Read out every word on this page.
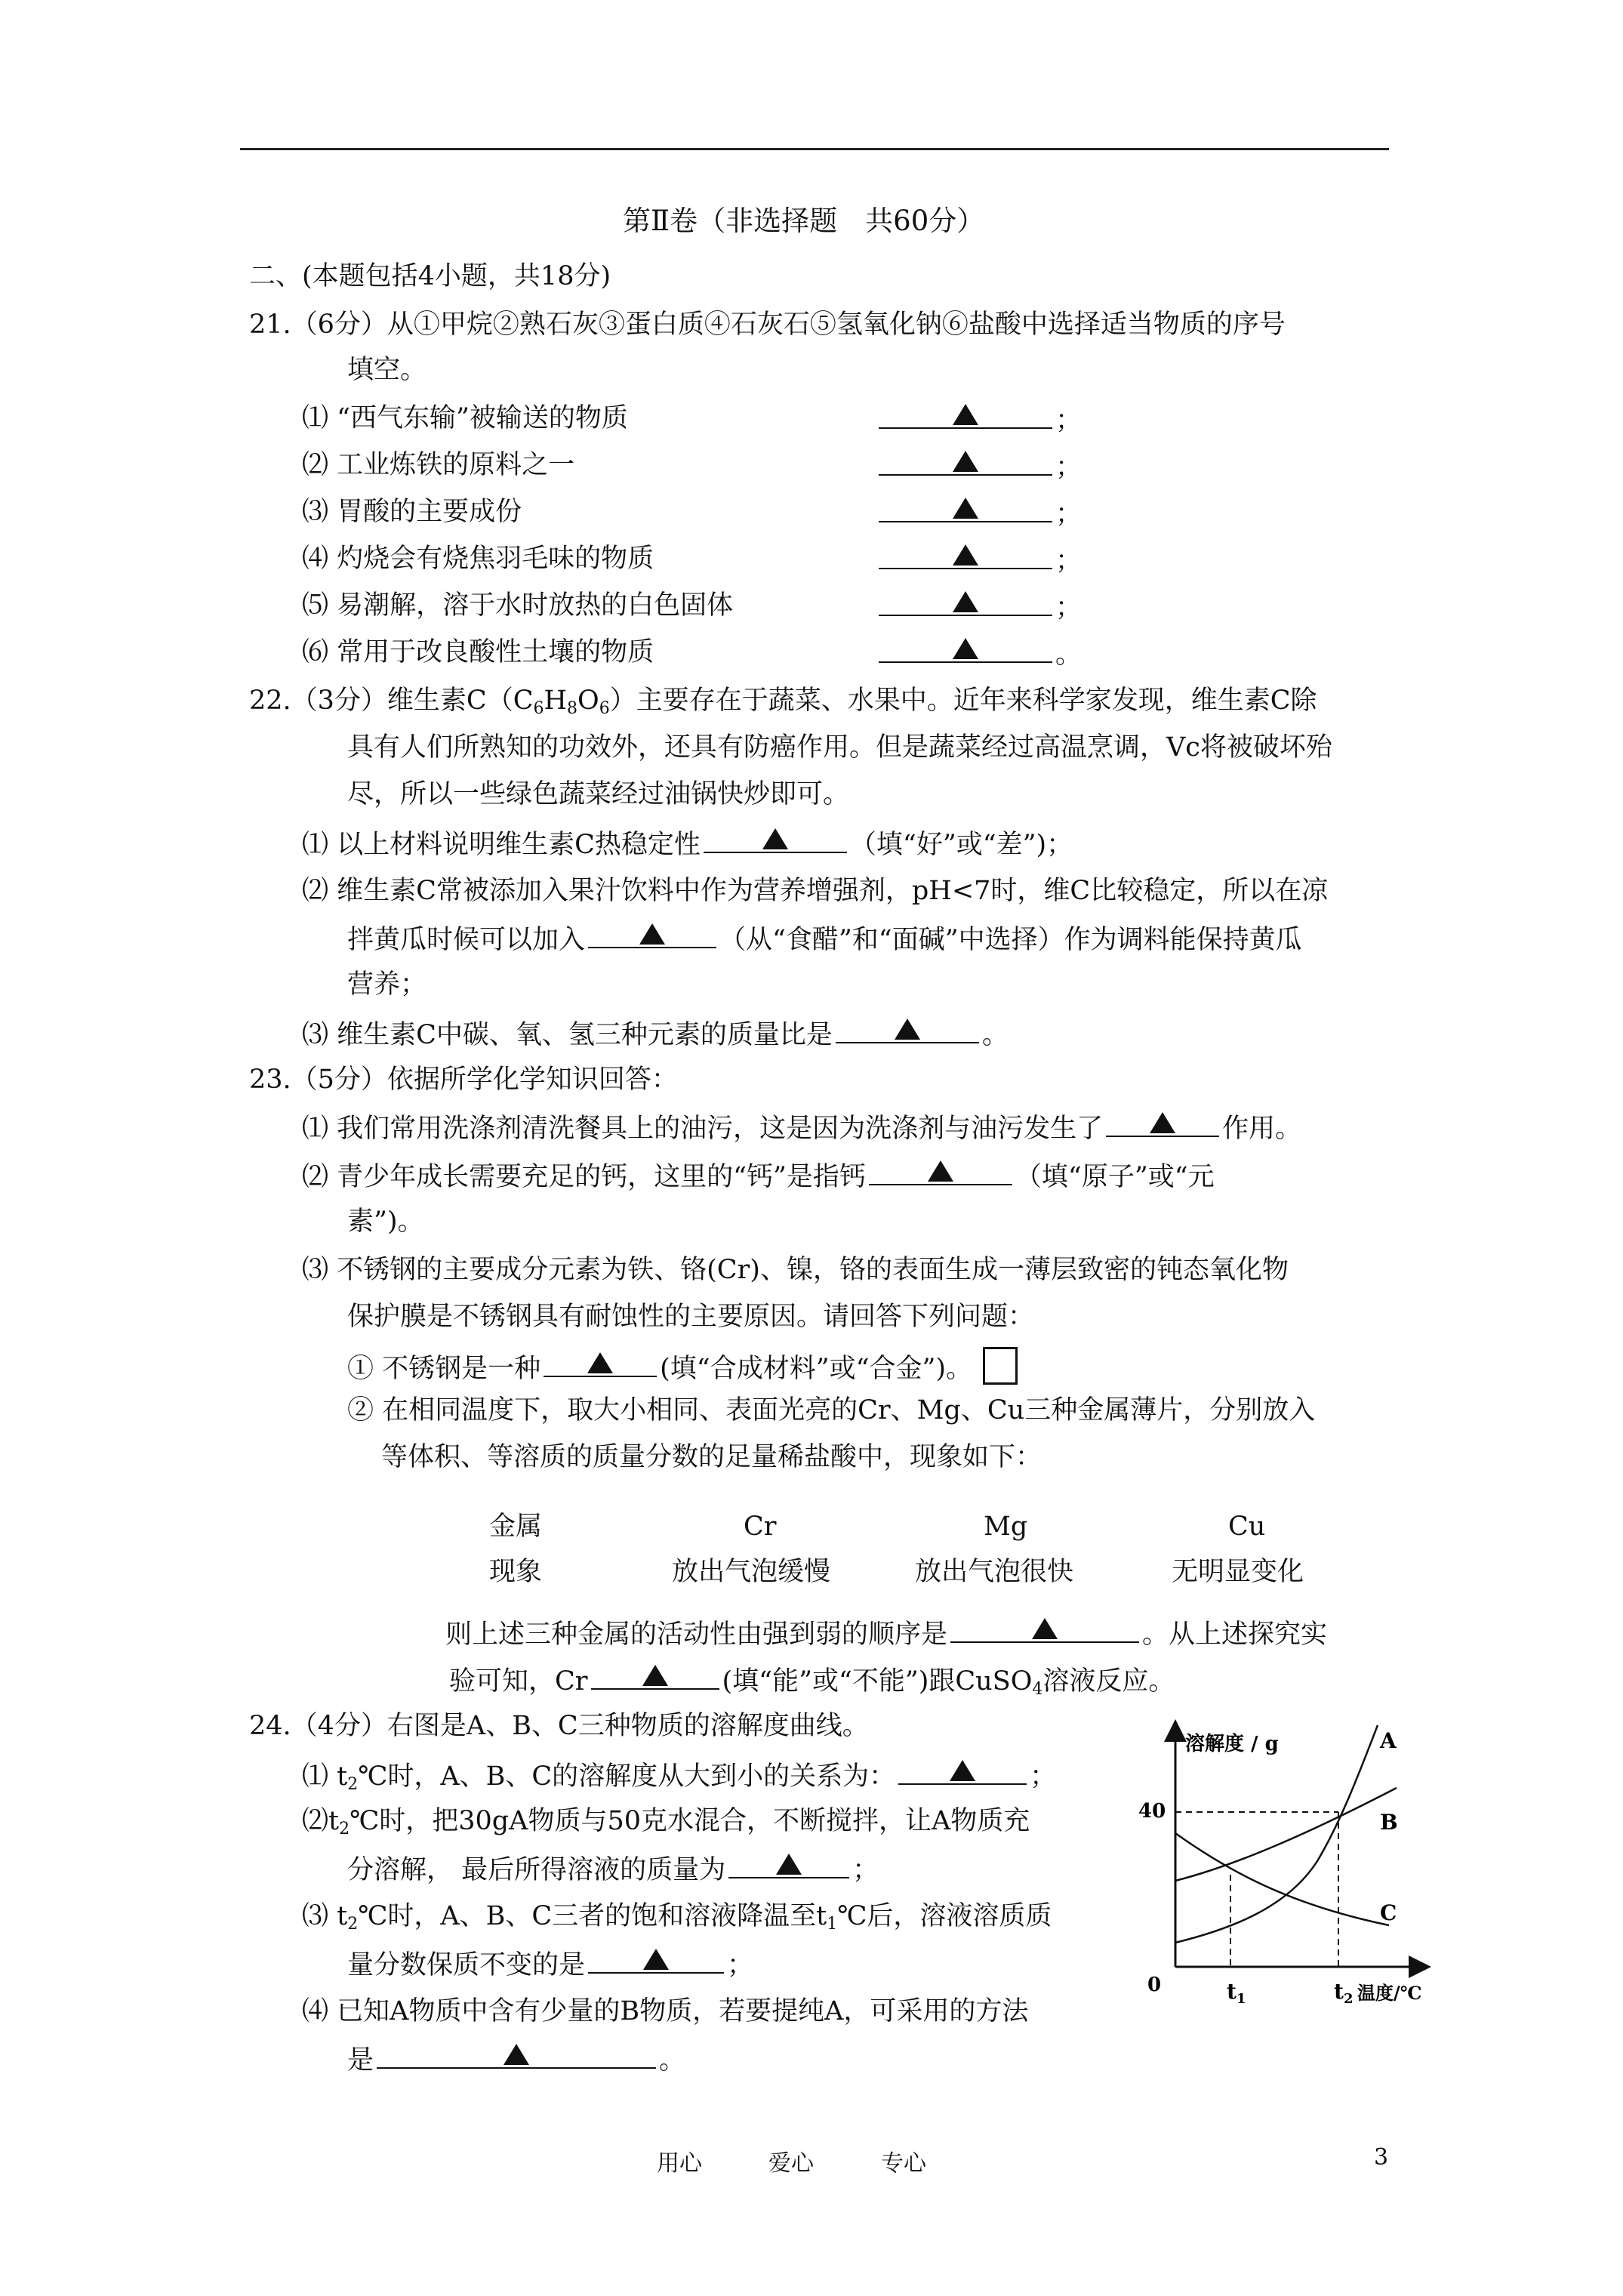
第Ⅱ卷（非选择题　共60分）
二、(本题包括4小题，共18分)
21.（6分）从①甲烷②熟石灰③蛋白质④石灰石⑤氢氧化钠⑥盐酸中选择适当物质的序号
填空。
⑴ “西气东输”被输送的物质	；
⑵ 工业炼铁的原料之一	；
⑶ 胃酸的主要成份	；
⑷ 灼烧会有烧焦羽毛味的物质	；
⑸ 易潮解，溶于水时放热的白色固体	；
⑹ 常用于改良酸性土壤的物质	。
22.（3分）维生素$C(C_6H_8O_6)$主要存在于蔬菜、水果中。近年来科学家发现，维生素C除
具有人们所熟知的功效外，还具有防癌作用。但是蔬菜经过高温烹调，Vc将被破坏殆
尽，所以一些绿色蔬菜经过油锅快炒即可。
⑴ 以上材料说明维生素C热稳定性	（填“好”或“差”)；
⑵ 维生素C常被添加入果汁饮料中作为营养增强剂，pH<7时，维C比较稳定，所以在凉
拌黄瓜时候可以加入	（从“食醋”和“面碱”中选择）作为调料能保持黄瓜
营养；
⑶ 维生素C中碳、氧、氢三种元素的质量比是	。
23.（5分）依据所学化学知识回答：
⑴ 我们常用洗涤剂清洗餐具上的油污，这是因为洗涤剂与油污发生了	作用。
⑵ 青少年成长需要充足的钙，这里的“钙”是指钙	（填“原子”或“元
素”)。
⑶ 不锈钢的主要成分元素为铁、铬(Cr)、镍，铬的表面生成一薄层致密的钝态氧化物
保护膜是不锈钢具有耐蚀性的主要原因。请回答下列问题：
① 不锈钢是一种	(填“合成材料”或“合金”)。
② 在相同温度下，取大小相同、表面光亮的Cr、Mg、Cu三种金属薄片，分别放入
等体积、等溶质的质量分数的足量稀盐酸中，现象如下：
金属	Cr	Mg	Cu
现象	放出气泡缓慢	放出气泡很快	无明显变化
则上述三种金属的活动性由强到弱的顺序是	。从上述探究实
验可知，Cr	(填“能”或“不能”)跟CuSO$_4$溶液反应。
24.（4分）右图是A、B、C三种物质的溶解度曲线。
⑴ $t_2℃$时，A、B、C的溶解度从大到小的关系为：	；
$⑵t_2℃$时，把30gA物质与50克水混合，不断搅拌，让A物质充
分溶解， 最后所得溶液的质量为	；
⑶ $t_2℃$时，A、B、C三者的饱和溶液降温至$t_1℃$后，溶液溶质质
量分数保质不变的是	；
⑷ 已知A物质中含有少量的B物质，若要提纯A，可采用的方法
是	。
溶解度 / g
40
0	$t_1$	$t_2$ 温度/℃
A
B
C
用心	爱心	专心	3
